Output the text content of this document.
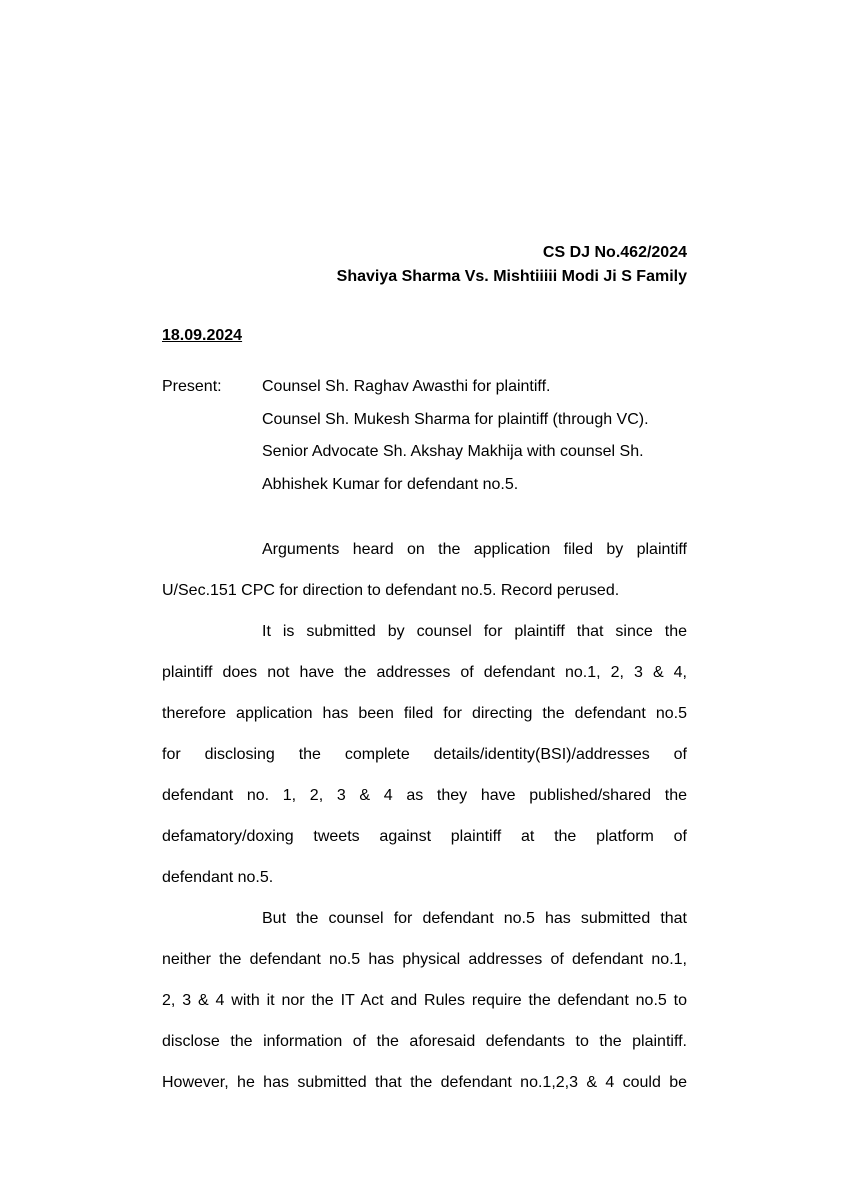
CS DJ No.462/2024
Shaviya Sharma Vs. Mishtiiiii Modi Ji S Family
18.09.2024
Present:	Counsel Sh. Raghav Awasthi for plaintiff.
Counsel Sh. Mukesh Sharma for plaintiff (through VC).
Senior Advocate Sh. Akshay Makhija with counsel Sh.
Abhishek Kumar for defendant no.5.
Arguments heard on the application filed by plaintiff
U/Sec.151 CPC for direction to defendant no.5. Record perused.
It is submitted by counsel for plaintiff that since the
plaintiff does not have the addresses of defendant no.1, 2, 3 & 4,
therefore application has been filed for directing the defendant no.5
for disclosing the complete details/identity(BSI)/addresses of
defendant no. 1, 2, 3 & 4 as they have published/shared the
defamatory/doxing tweets against plaintiff at the platform of
defendant no.5.
But the counsel for defendant no.5 has submitted that
neither the defendant no.5 has physical addresses of defendant no.1,
2, 3 & 4 with it nor the IT Act and Rules require the defendant no.5 to
disclose the information of the aforesaid defendants to the plaintiff.
However, he has submitted that the defendant no.1,2,3 & 4 could be
